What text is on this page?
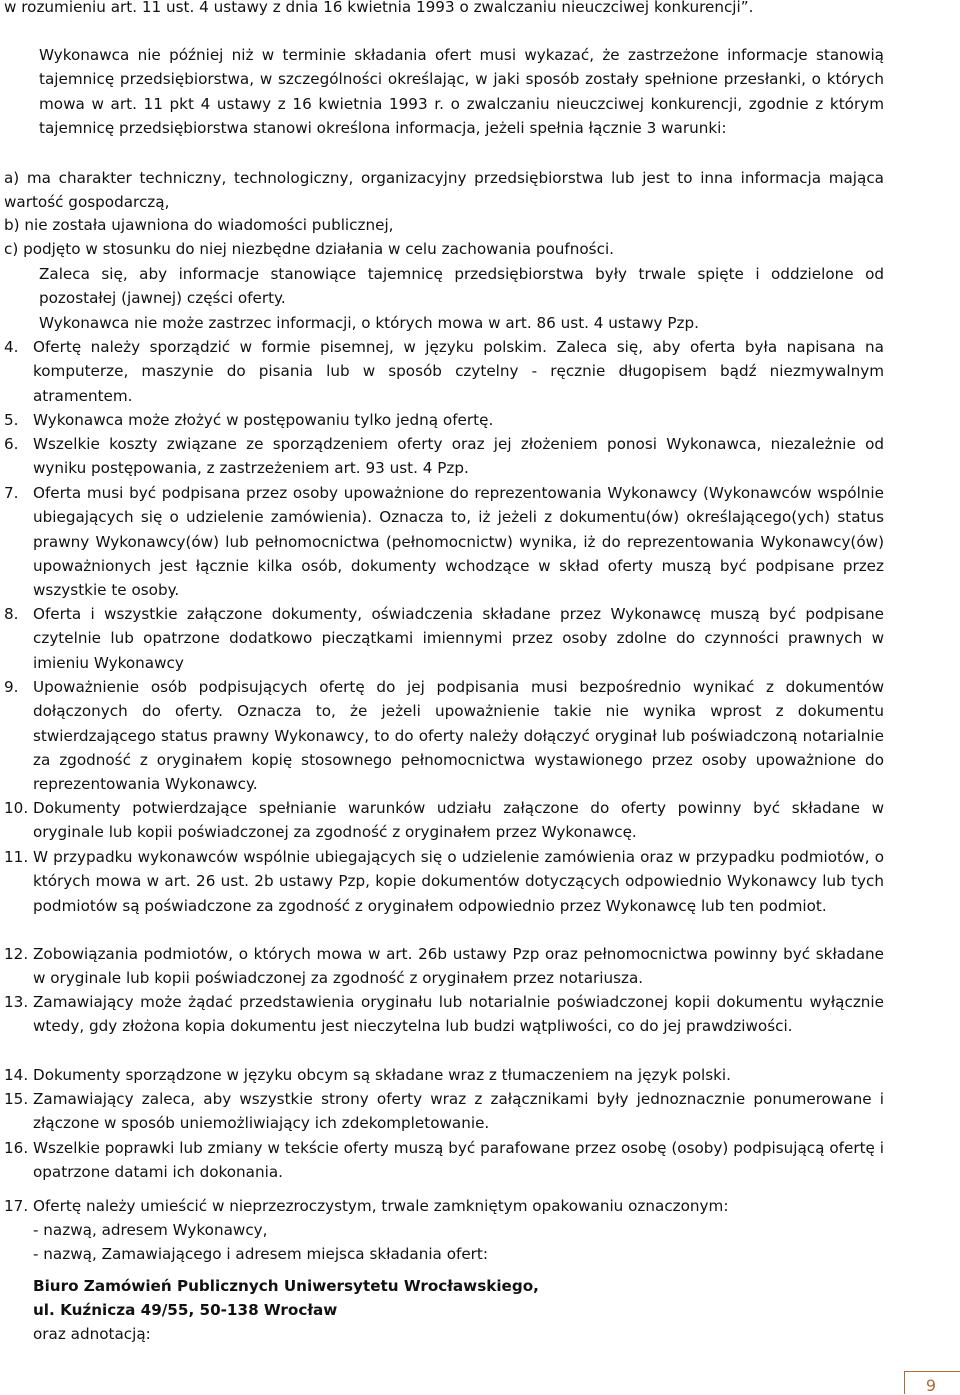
w rozumieniu art. 11 ust. 4 ustawy z dnia 16 kwietnia 1993 o zwalczaniu nieuczciwej konkurencji”.

Wykonawca nie później niż w terminie składania ofert musi wykazać, że zastrzeżone informacje stanowią tajemnicę przedsiębiorstwa, w szczególności określając, w jaki sposób zostały spełnione przesłanki, o których mowa w art. 11 pkt 4 ustawy z 16 kwietnia 1993 r. o zwalczaniu nieuczciwej konkurencji, zgodnie z którym tajemnicę przedsiębiorstwa stanowi określona informacja, jeżeli spełnia łącznie 3 warunki:

a) ma charakter techniczny, technologiczny, organizacyjny przedsiębiorstwa lub jest to inna informacja mająca wartość gospodarczą,

b) nie została ujawniona do wiadomości publicznej,

c) podjęto w stosunku do niej niezbędne działania w celu zachowania poufności.

Zaleca się, aby informacje stanowiące tajemnicę przedsiębiorstwa były trwale spięte i oddzielone od pozostałej (jawnej) części oferty.

Wykonawca nie może zastrzec informacji, o których mowa w art. 86 ust. 4 ustawy Pzp.

4. Ofertę należy sporządzić w formie pisemnej, w języku polskim. Zaleca się, aby oferta była napisana na komputerze, maszynie do pisania lub w sposób czytelny - ręcznie długopisem bądź niezmywalnym atramentem.

5. Wykonawca może złożyć w postępowaniu tylko jedną ofertę.

6. Wszelkie koszty związane ze sporządzeniem oferty oraz jej złożeniem ponosi Wykonawca, niezależnie od wyniku postępowania, z zastrzeżeniem art. 93 ust. 4 Pzp.

7. Oferta musi być podpisana przez osoby upoważnione do reprezentowania Wykonawcy (Wykonawców wspólnie ubiegających się o udzielenie zamówienia). Oznacza to, iż jeżeli z dokumentu(ów) określającego(ych) status prawny Wykonawcy(ów) lub pełnomocnictwa (pełnomocnictw) wynika, iż do reprezentowania Wykonawcy(ów) upoważnionych jest łącznie kilka osób, dokumenty wchodzące w skład oferty muszą być podpisane przez wszystkie te osoby.

8. Oferta i wszystkie załączone dokumenty, oświadczenia składane przez Wykonawcę muszą być podpisane czytelnie lub opatrzone dodatkowo pieczątkami imiennymi przez osoby zdolne do czynności prawnych w imieniu Wykonawcy

9. Upoważnienie osób podpisujących ofertę do jej podpisania musi bezpośrednio wynikać z dokumentów dołączonych do oferty. Oznacza to, że jeżeli upoważnienie takie nie wynika wprost z dokumentu stwierdzającego status prawny Wykonawcy, to do oferty należy dołączyć oryginał lub poświadczoną notarialnie za zgodność z oryginałem kopię stosownego pełnomocnictwa wystawionego przez osoby upoważnione do reprezentowania Wykonawcy.

10. Dokumenty potwierdzające spełnianie warunków udziału załączone do oferty powinny być składane w oryginale lub kopii poświadczonej za zgodność z oryginałem przez Wykonawcę.

11. W przypadku wykonawców wspólnie ubiegających się o udzielenie zamówienia oraz w przypadku podmiotów, o których mowa w art. 26 ust. 2b ustawy Pzp, kopie dokumentów dotyczących odpowiednio Wykonawcy lub tych podmiotów są poświadczone za zgodność z oryginałem odpowiednio przez Wykonawcę lub ten podmiot.

12. Zobowiązania podmiotów, o których mowa w art. 26b ustawy Pzp oraz pełnomocnictwa powinny być składane w oryginale lub kopii poświadczonej za zgodność z oryginałem przez notariusza.

13. Zamawiający może żądać przedstawienia oryginału lub notarialnie poświadczonej kopii dokumentu wyłącznie wtedy, gdy złożona kopia dokumentu jest nieczytelna lub budzi wątpliwości, co do jej prawdziwości.

14. Dokumenty sporządzone w języku obcym są składane wraz z tłumaczeniem na język polski.

15. Zamawiający zaleca, aby wszystkie strony oferty wraz z załącznikami były jednoznacznie ponumerowane i złączone w sposób uniemożliwiający ich zdekompletowanie.

16. Wszelkie poprawki lub zmiany w tekście oferty muszą być parafowane przez osobę (osoby) podpisującą ofertę i opatrzone datami ich dokonania.

17. Ofertę należy umieścić w nieprzezroczystym, trwale zamkniętym opakowaniu oznaczonym:

- nazwą, adresem Wykonawcy,

- nazwą, Zamawiającego i adresem miejsca składania ofert:

Biuro Zamówień Publicznych Uniwersytetu Wrocławskiego,

ul. Kuźnicza 49/55, 50-138 Wrocław

oraz adnotacją:

9
